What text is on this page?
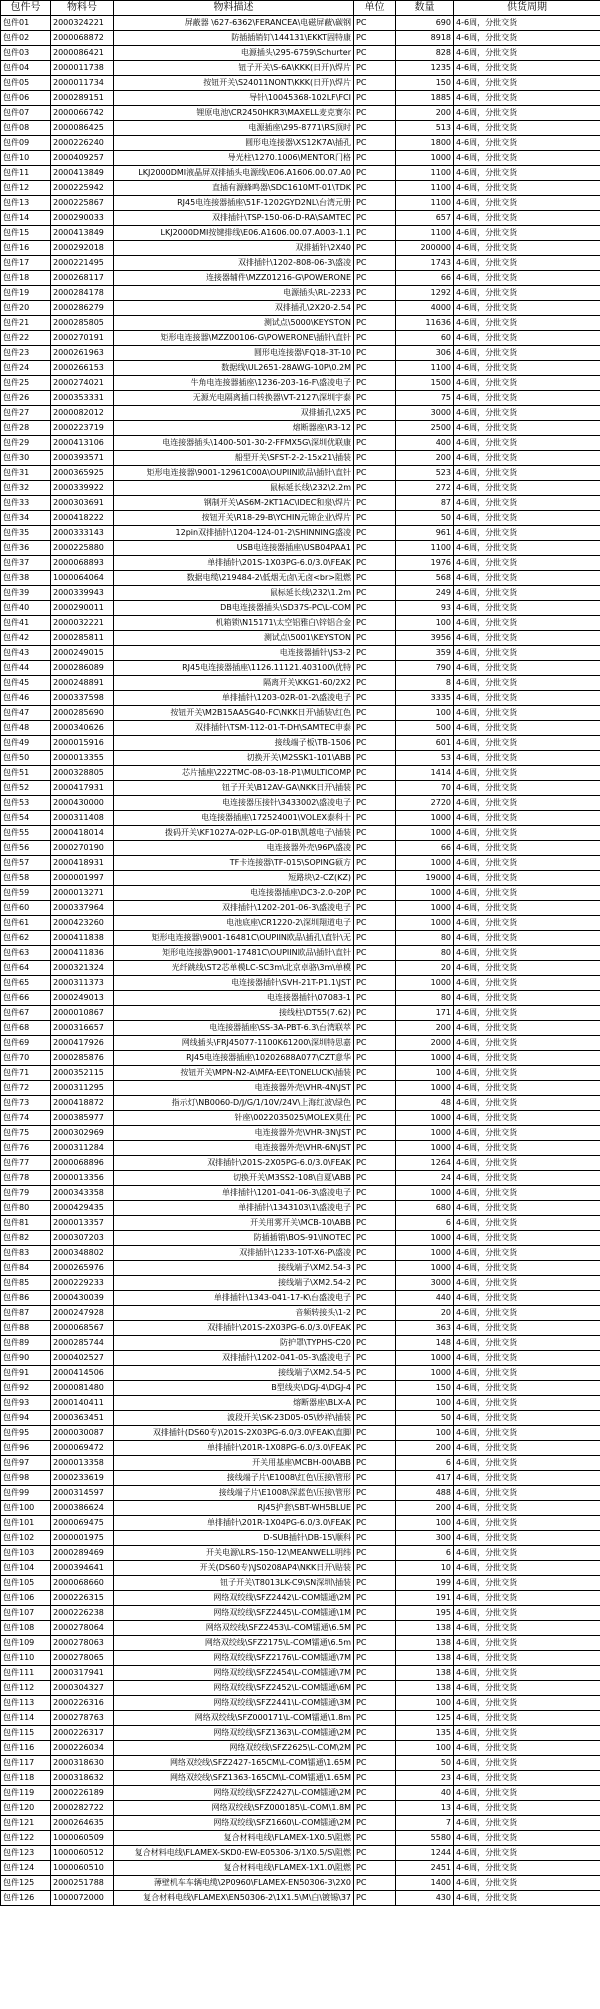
包件号	物料号	物料描述	单位	数量	供货周期
包件01	2000324221	屏蔽器 \627-6362\FERANCEA\电磁屏蔽\碳钢	PC	690	4-6周，分批交货
包件02	2000068872	防插插销钉\144131\EKKT固特康	PC	8918	4-6周，分批交货
包件03	2000086421	电源插头\295-6759\Schurter	PC	828	4-6周，分批交货
包件04	2000011738	钮子开关\S-6A\KKK(日开)\焊片	PC	1235	4-6周，分批交货
包件05	2000011734	按钮开关\S24011NONT\KKK(日开)\焊片	PC	150	4-6周，分批交货
包件06	2000289151	导针\10045368-102LF\FCI	PC	1885	4-6周，分批交货
包件07	2000066742	锂原电池\CR2450HKR3\MAXELL麦克赛尔	PC	200	4-6周，分批交货
包件08	2000086425	电源插座\295-8771\RS顶时	PC	513	4-6周，分批交货
包件09	2000226240	圆形电连接器\XS12K7A\插孔	PC	1800	4-6周，分批交货
包件10	2000409257	导光柱\1270.1006\MENTOR门格	PC	1000	4-6周，分批交货
包件11	2000413849	LKJ2000DMI液晶屏双排插头电源线\E06.A1606.00.07.A0	PC	1100	4-6周，分批交货
包件12	2000225942	直插有源蜂鸣器\SDC1610MT-01\TDK	PC	1100	4-6周，分批交货
包件13	2000225867	RJ45电连接器插座\51F-1202GYD2NL\台湾元册	PC	1100	4-6周，分批交货
包件14	2000290033	双排插针\TSP-150-06-D-RA\SAMTEC	PC	657	4-6周，分批交货
包件15	2000413849	LKJ2000DMI按键排线\E06.A1606.00.07.A003-1.1	PC	1100	4-6周，分批交货
包件16	2000292018	双排插针\2X40	PC	200000	4-6周，分批交货
包件17	2000221495	双排插针\1202-808-06-3\盛凌	PC	1743	4-6周，分批交货
包件18	2000268117	连接器辅件\MZZ01216-G\POWERONE	PC	66	4-6周，分批交货
包件19	2000284178	电源插头\RL-2233	PC	1292	4-6周，分批交货
包件20	2000286279	双排插孔\2X20-2.54	PC	4000	4-6周，分批交货
包件21	2000285805	测试点\5000\KEYSTON	PC	11636	4-6周，分批交货
包件22	2000270191	矩形电连接器\MZZ00106-G\POWERONE\插针\直针	PC	60	4-6周，分批交货
包件23	2000261963	圆形电连接器\FQ18-3T-10	PC	306	4-6周，分批交货
包件24	2000266153	数据线\UL2651-28AWG-10P\0.2M	PC	1100	4-6周，分批交货
包件25	2000274021	牛角电连接器插座\1236-203-16-F\盛凌电子	PC	1500	4-6周，分批交货
包件26	2000353331	无源光电隔离插口转换器\VT-2127\深圳宇泰	PC	75	4-6周，分批交货
包件27	2000082012	双排插孔\2X5	PC	3000	4-6周，分批交货
包件28	2000223719	熔断器座\R3-12	PC	2500	4-6周，分批交货
包件29	2000413106	电连接器插头\1400-501-30-2-FFMX5G\深圳优联康	PC	400	4-6周，分批交货
包件30	2000393571	船型开关\SFST-2-2-15x21\插装	PC	200	4-6周，分批交货
包件31	2000365925	矩形电连接器\9001-12961C00A\OUPIIN欧品\插针\直针	PC	523	4-6周，分批交货
包件32	2000339922	鼠标延长线\232\2.2m	PC	272	4-6周，分批交货
包件33	2000303691	钢制开关\AS6M-2KT1AC\IDEC和泉\焊片	PC	87	4-6周，分批交货
包件34	2000418222	按钮开关\R18-29-B\YCHIN元锦企业\焊片	PC	50	4-6周，分批交货
包件35	2000333143	12pin双排插针\1204-124-01-2\SHINNING盛凌	PC	961	4-6周，分批交货
包件36	2000225880	USB电连接器插座\USB04PAA1	PC	1100	4-6周，分批交货
包件37	2000068893	单排插针\201S-1X03PG-6.0/3.0\FEAK	PC	1976	4-6周，分批交货
包件38	1000064064	数据电缆\219484-2\低烟无卤\无卤<br>阻燃	PC	568	4-6周，分批交货
包件39	2000339943	鼠标延长线\232\1.2m	PC	249	4-6周，分批交货
包件40	2000290011	DB电连接器插头\SD37S-PC\L-COM	PC	93	4-6周，分批交货
包件41	2000032221	机箱锁\N15171\太空铝雅白\锌铝合金	PC	100	4-6周，分批交货
包件42	2000285811	测试点\5001\KEYSTON	PC	3956	4-6周，分批交货
包件43	2000249015	电连接器插针\JS3-2	PC	359	4-6周，分批交货
包件44	2000286089	RJ45电连接器插座\1126.11121.403100\优特	PC	790	4-6周，分批交货
包件45	2000248891	隔离开关\KKG1-60/2X2	PC	8	4-6周，分批交货
包件46	2000337598	单排插针\1203-02R-01-2\盛凌电子	PC	3335	4-6周，分批交货
包件47	2000285690	按钮开关\M2B15AA5G40-FC\NKK日开\插装\红色	PC	100	4-6周，分批交货
包件48	2000340626	双排插针\TSM-112-01-T-DH\SAMTEC申泰	PC	500	4-6周，分批交货
包件49	2000015916	接线端子板\TB-1506	PC	601	4-6周，分批交货
包件50	2000013355	切换开关\M2SSK1-101\ABB	PC	53	4-6周，分批交货
包件51	2000328805	芯片插座\222TMC-08-03-18-P1\MULTICOMP	PC	1414	4-6周，分批交货
包件52	2000417931	钮子开关\B12AV-GA\NKK日开\插装	PC	70	4-6周，分批交货
包件53	2000430000	电连接器压接针\3433002\盛凌电子	PC	2720	4-6周，分批交货
包件54	2000311408	电连接器插座\172524001\VOLEX泰科十	PC	1000	4-6周，分批交货
包件55	2000418014	拨码开关\KF1027A-02P-LG-0P-01B\凯越电子\插装	PC	1000	4-6周，分批交货
包件56	2000270190	电连接器外壳\96P\盛凌	PC	66	4-6周，分批交货
包件57	2000418931	TF卡连接器\TF-015\SOPING硕方	PC	1000	4-6周，分批交货
包件58	2000001997	短路块\2-CZ(KZ)	PC	19000	4-6周，分批交货
包件59	2000013271	电连接器插座\DC3-2.0-20P	PC	1000	4-6周，分批交货
包件60	2000337964	双排插针\1202-201-06-3\盛凌电子	PC	1000	4-6周，分批交货
包件61	2000423260	电池底座\CR1220-2\深圳翔道电子	PC	1000	4-6周，分批交货
包件62	2000411838	矩形电连接器\9001-16481C\OUPIIN欧品\插孔\直针\无	PC	80	4-6周，分批交货
包件63	2000411836	矩形电连接器\9001-17481C\OUPIIN欧品\插针\直针	PC	80	4-6周，分批交货
包件64	2000321324	光纤跳线\ST2芯单模LC-SC3m\北京卓骆\3m\单模	PC	20	4-6周，分批交货
包件65	2000311373	电连接器插针\SVH-21T-P1.1\JST	PC	1000	4-6周，分批交货
包件66	2000249013	电连接器插针\07083-1	PC	80	4-6周，分批交货
包件67	2000010867	接线柱\DT55(7.62)	PC	171	4-6周，分批交货
包件68	2000316657	电连接器插座\SS-3A-PBT-6.3\台湾联萃	PC	200	4-6周，分批交货
包件69	2000417926	网线插头\FRJ45077-1100K61200\深圳特思嘉	PC	2000	4-6周，分批交货
包件70	2000285876	RJ45电连接器插座\10202688A077\CZT意华	PC	1000	4-6周，分批交货
包件71	2000352115	按钮开关\MPN-N2-A\MFA-EE\TONELUCK\插装	PC	100	4-6周，分批交货
包件72	2000311295	电连接器外壳\VHR-4N\JST	PC	1000	4-6周，分批交货
包件73	2000418872	指示灯\NB0060-D/J/G/1/10V/24V\上海红波\绿色	PC	48	4-6周，分批交货
包件74	2000385977	针座\0022035025\MOLEX莫仕	PC	1000	4-6周，分批交货
包件75	2000302969	电连接器外壳\VHR-3N\JST	PC	1000	4-6周，分批交货
包件76	2000311284	电连接器外壳\VHR-6N\JST	PC	1000	4-6周，分批交货
包件77	2000068896	双排插针\201S-2X05PG-6.0/3.0\FEAK	PC	1264	4-6周，分批交货
包件78	2000013356	切换开关\M3SS2-108\自夏\ABB	PC	24	4-6周，分批交货
包件79	2000343358	单排插针\1201-041-06-3\盛凌电子	PC	1000	4-6周，分批交货
包件80	2000429435	单排插针\1343103\1\盛凌电子	PC	680	4-6周，分批交货
包件81	2000013357	开关用雾开关\MCB-10\ABB	PC	6	4-6周，分批交货
包件82	2000307203	防插插销\BOS-91\INOTEC	PC	1000	4-6周，分批交货
包件83	2000348802	双排插针\1233-10T-X6-P\盛凌	PC	1000	4-6周，分批交货
包件84	2000265976	接线端子\XM2.54-3	PC	1000	4-6周，分批交货
包件85	2000229233	接线端子\XM2.54-2	PC	3000	4-6周，分批交货
包件86	2000430039	单排插针\1343-041-17-K\台盛凌电子	PC	440	4-6周，分批交货
包件87	2000247928	音频转接头\1-2	PC	20	4-6周，分批交货
包件88	2000068567	双排插针\201S-2X03PG-6.0/3.0\FEAK	PC	363	4-6周，分批交货
包件89	2000285744	防护罩\TYPHS-C20	PC	148	4-6周，分批交货
包件90	2000402527	双排插针\1202-041-05-3\盛凌电子	PC	1000	4-6周，分批交货
包件91	2000414506	接线端子\XM2.54-5	PC	1000	4-6周，分批交货
包件92	2000081480	B型线夹\DGJ-4\DGJ-4	PC	150	4-6周，分批交货
包件93	2000140411	熔断器座\BLX-A	PC	100	4-6周，分批交货
包件94	2000363451	波段开关\SK-23D05-05\妙祥\插装	PC	50	4-6周，分批交货
包件95	2000030087	双排插针(DS60专)\201S-2X03PG-6.0/3.0\FEAK\直脚	PC	100	4-6周，分批交货
包件96	2000069472	单排插针\201R-1X08PG-6.0/3.0\FEAK	PC	200	4-6周，分批交货
包件97	2000013358	开关用基座\MCBH-00\ABB	PC	6	4-6周，分批交货
包件98	2000233619	接线端子片\E1008\红色\压接\管形	PC	417	4-6周，分批交货
包件99	2000314597	接线端子片\E1008\深蓝色\压接\管形	PC	488	4-6周，分批交货
包件100	2000386624	RJ45护套\SBT-WH5BLUE	PC	200	4-6周，分批交货
包件101	2000069475	单排插针\201R-1X04PG-6.0/3.0\FEAK	PC	100	4-6周，分批交货
包件102	2000001975	D-SUB插针\DB-15\顺科	PC	300	4-6周，分批交货
包件103	2000289469	开关电源\LRS-150-12\MEANWELL明纬	PC	6	4-6周，分批交货
包件104	2000394641	开关(DS60专)\JS0208AP4\NKK日开\贴装	PC	10	4-6周，分批交货
包件105	2000068660	钮子开关\T8013LK-C9\SN深圳\插装	PC	199	4-6周，分批交货
包件106	2000226315	网络双绞线\SFZ2442\L-COM镭通\2M	PC	191	4-6周，分批交货
包件107	2000226238	网络双绞线\SFZ2445\L-COM镭通\1M	PC	195	4-6周，分批交货
包件108	2000278064	网络双绞线\SFZ2453\L-COM镭通\6.5M	PC	138	4-6周，分批交货
包件109	2000278063	网络双绞线\SFZ2175\L-COM镭通\6.5m	PC	138	4-6周，分批交货
包件110	2000278065	网络双绞线\SFZ2176\L-COM镭通\7M	PC	138	4-6周，分批交货
包件111	2000317941	网络双绞线\SFZ2454\L-COM镭通\7M	PC	138	4-6周，分批交货
包件112	2000304327	网络双绞线\SFZ2452\L-COM镭通\6M	PC	138	4-6周，分批交货
包件113	2000226316	网络双绞线\SFZ2441\L-COM镭通\3M	PC	100	4-6周，分批交货
包件114	2000278763	网络双绞线\SFZ000171\L-COM镭通\1.8m	PC	125	4-6周，分批交货
包件115	2000226317	网络双绞线\SFZ1363\L-COM镭通\2M	PC	135	4-6周，分批交货
包件116	2000226034	网络双绞线\SFZ2625\L-COM\2M	PC	100	4-6周，分批交货
包件117	2000318630	网络双绞线\SFZ2427-165CM\L-COM镭通\1.65M	PC	50	4-6周，分批交货
包件118	2000318632	网络双绞线\SFZ1363-165CM\L-COM镭通\1.65M	PC	23	4-6周，分批交货
包件119	2000226189	网络双绞线\SFZ2427\L-COM镭通\2M	PC	40	4-6周，分批交货
包件120	2000282722	网络双绞线\SFZ000185\L-COM\1.8M	PC	13	4-6周，分批交货
包件121	2000264635	网络双绞线\SFZ1660\L-COM镭通\2M	PC	7	4-6周，分批交货
包件122	1000060509	复合材料电线\FLAMEX-1X0.5\阻燃	PC	5580	4-6周，分批交货
包件123	1000060512	复合材料电线\FLAMEX-SKD0-EW-E05306-3/1X0.5/S\阻燃	PC	1244	4-6周，分批交货
包件124	1000060510	复合材料电线\FLAMEX-1X1.0\阻燃	PC	2451	4-6周，分批交货
包件125	2000251788	薄壁机车车辆电缆\2P0960\FLAMEX-EN50306-3\2X0	PC	1400	4-6周，分批交货
包件126	1000072000	复合材料电线\FLAMEX\EN50306-2\1X1.5\M\白\镀锡\37	PC	430	4-6周，分批交货
